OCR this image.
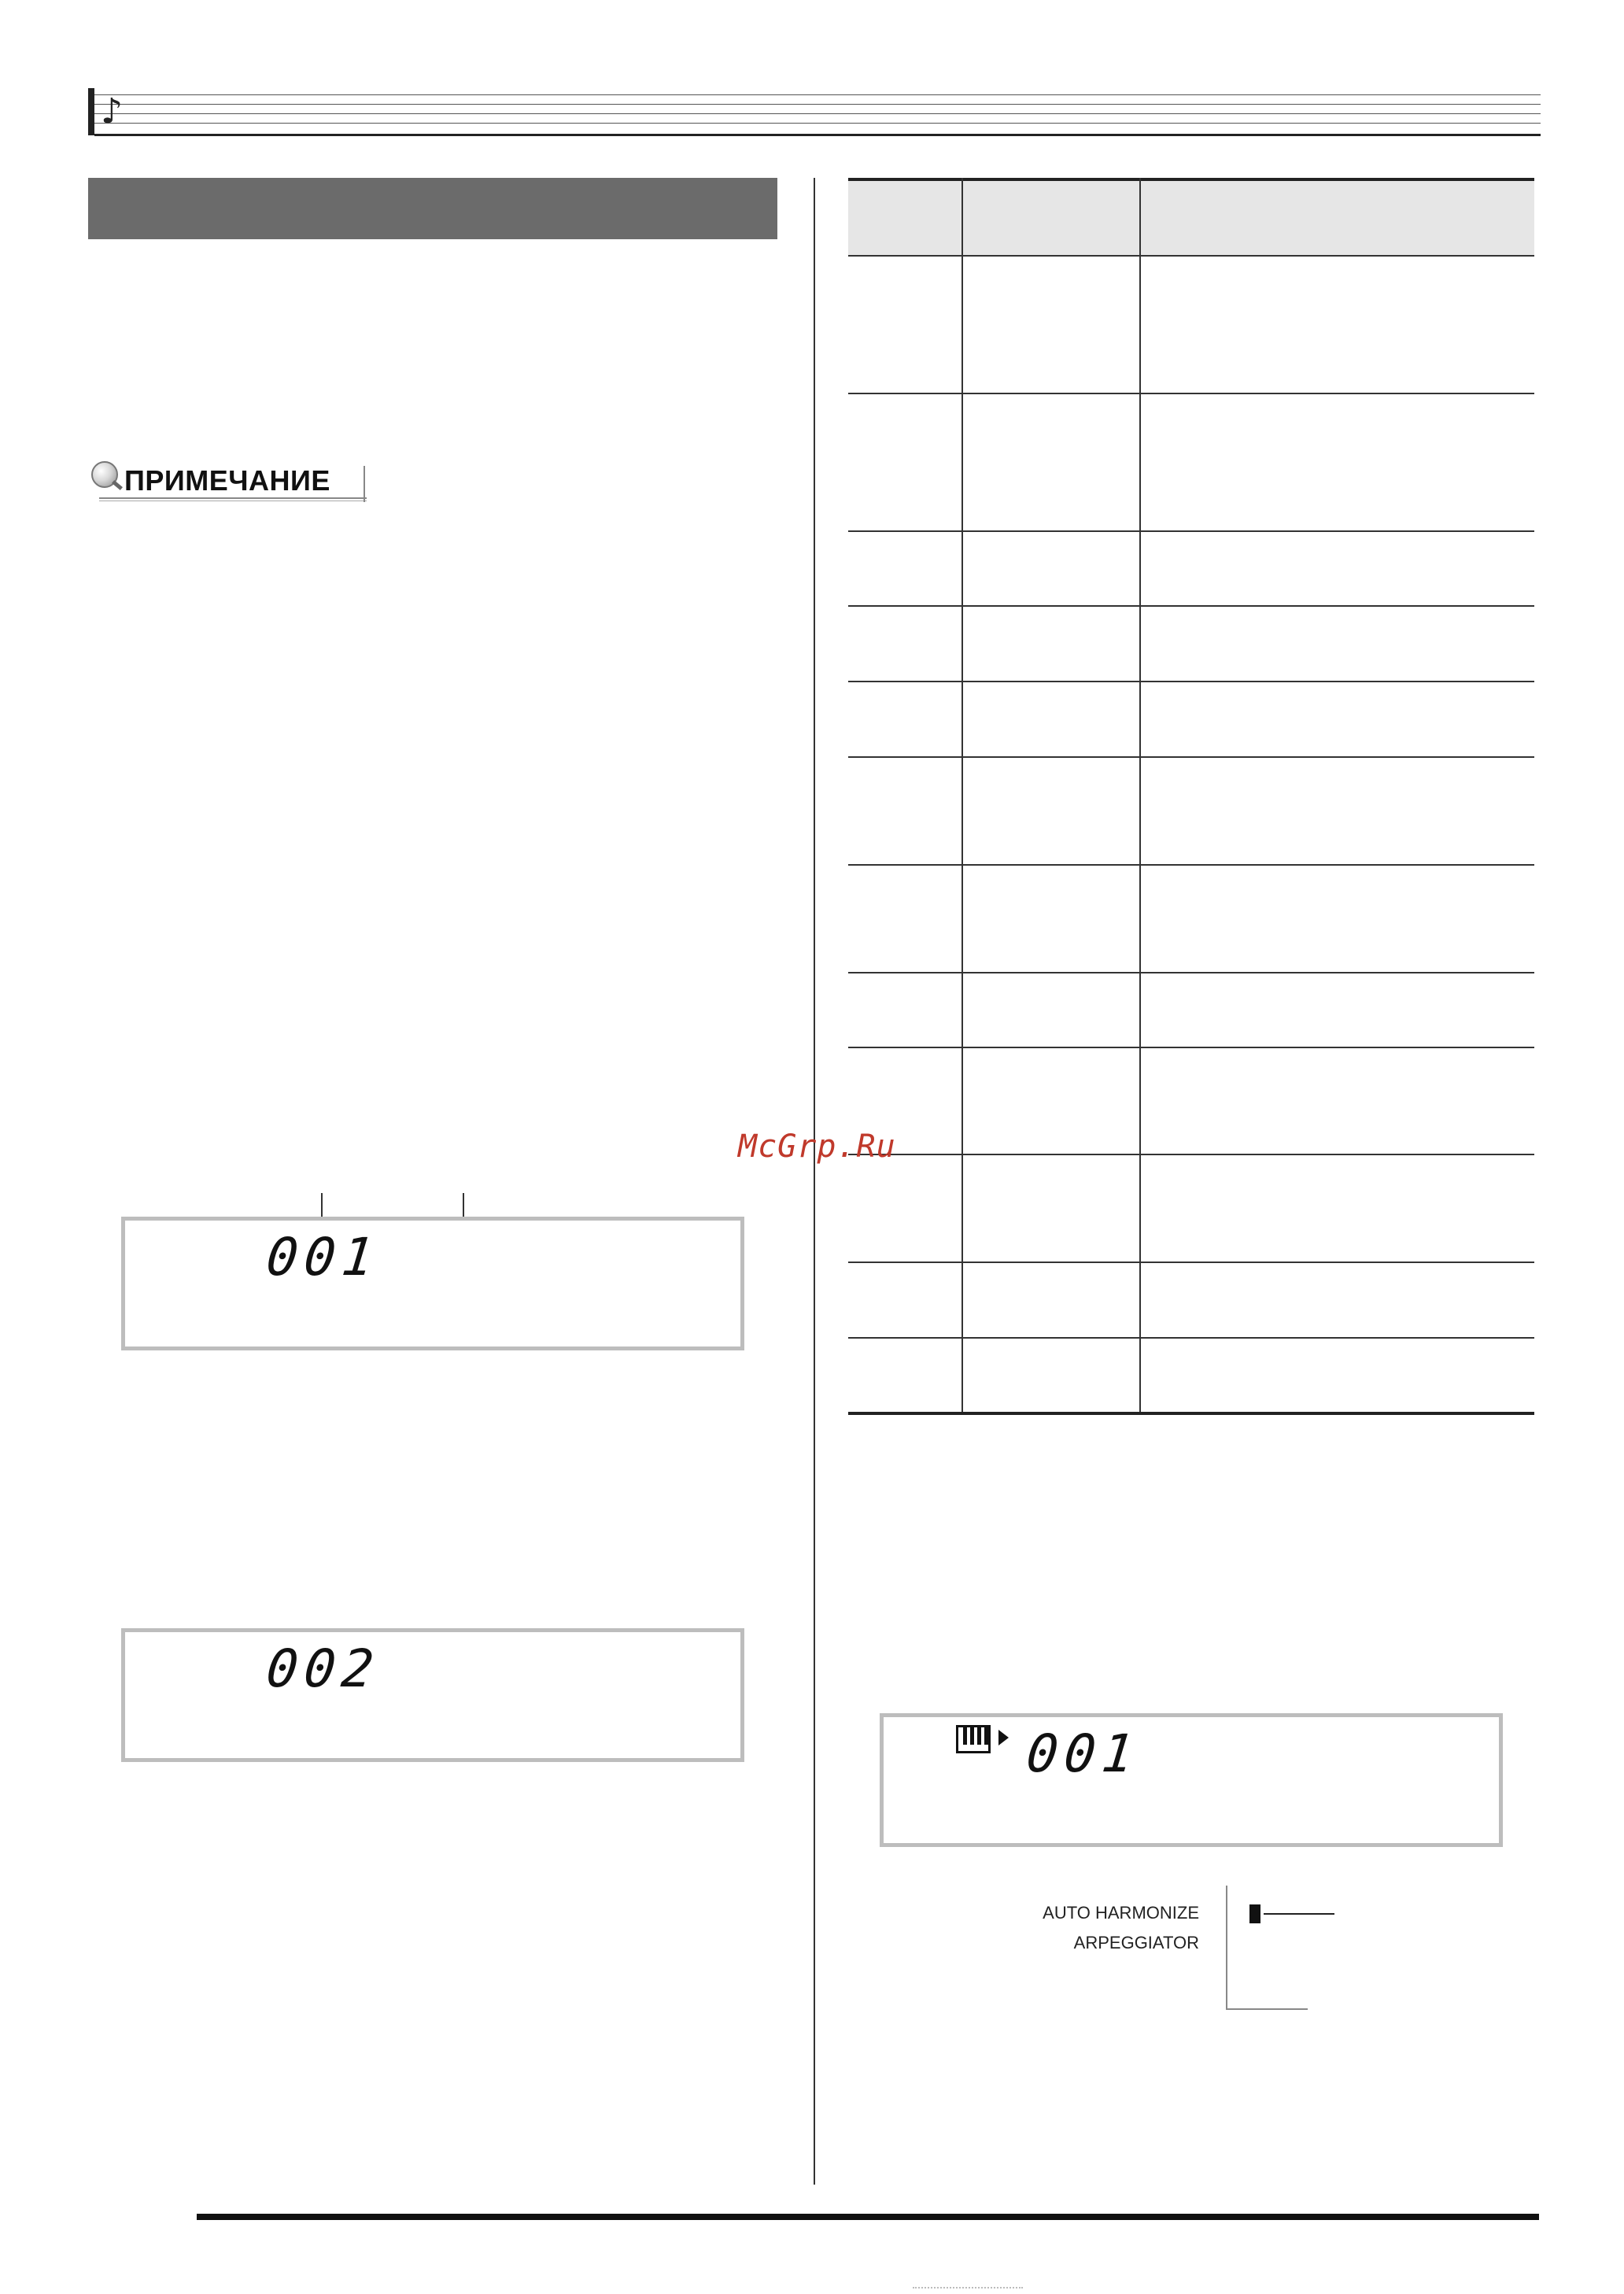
♪
ПРИМЕЧАНИЕ
001
002
McGrp.Ru
001
AUTO HARMONIZE
ARPEGGIATOR
